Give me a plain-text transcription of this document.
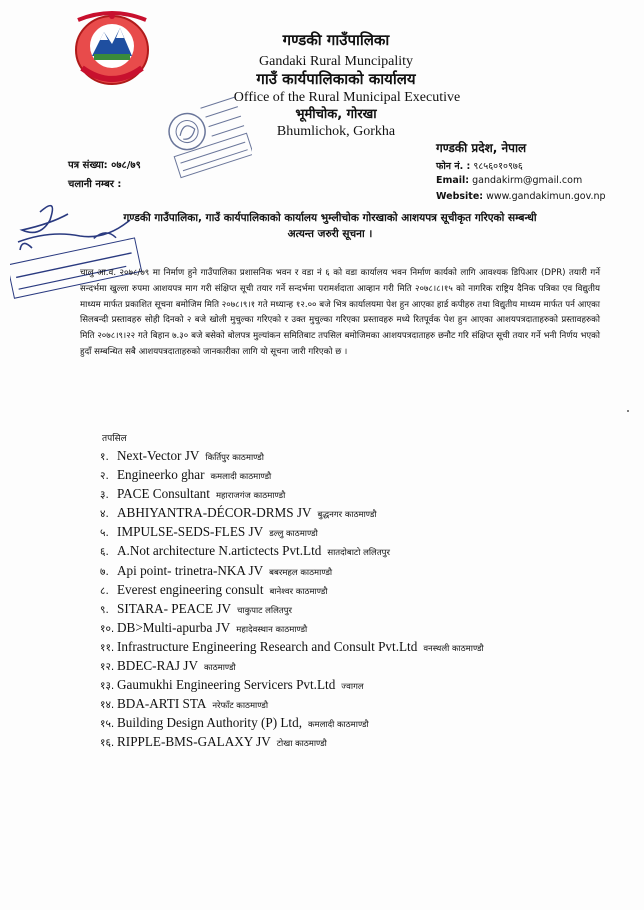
गण्डकी गाउँपालिका
Gandaki Rural Muncipality
गाउँ कार्यपालिकाको कार्यालय
Office of the Rural Municipal Executive
भूमीचोक, गोरखा
Bhumlichok, Gorkha
गण्डकी प्रदेश, नेपाल
फोन नं. : ९८५६०१०९७६
Email: gandakirm@gmail.com
Website: www.gandakimun.gov.np
पत्र संख्या: ०७८/७९
चलानी नम्बर :
गण्डकी गाउँपालिका, गाउँ कार्यपालिकाको कार्यालय भुम्लीचोक गोरखाको आशयपत्र सूचीकृत गरिएको सम्बन्धी
अत्यन्त जरुरी सूचना ।
चालु आ.व. २०७८/७९ मा निर्माण हुने गाउँपालिका प्रशासनिक भवन र वडा नं ६ को वडा कार्यालय भवन निर्माण कार्यको लागि आवश्यक डिपिआर (DPR) तयारी गर्ने सन्दर्भमा खुल्ला रुपमा आशयपत्र माग गरी संक्षिप्त सूची तयार गर्ने सन्दर्भमा परामर्शदाता आव्हान गरी मिति २०७८।८।१५ को नागरिक राष्ट्रिय दैनिक पत्रिका एव विद्युतीय माध्यम मार्फत प्रकाशित सूचना बमोजिम मिति २०७८।९।१ गते मध्यान्ह १२.०० बजे भित्र कार्यालयमा पेश हुन आएका हार्ड कपीहरु तथा विद्युतीय माध्यम मार्फत पर्न आएका सिलबन्दी प्रस्तावहरु सोही दिनको २ बजे खोली मुचुल्का गरिएको र उक्त मुचुल्का गरिएका प्रस्तावहरु मध्ये रितपूर्वक पेश हुन आएका आशयपत्रदाताहरुको प्रस्तावहरुको मिति २०७८।९।२२ गते बिहान ७.३० बजे बसेको बोलपत्र मुल्यांकन समितिबाट तपसिल बमोजिमका आशयपत्रदाताहरु छनौट गरि संक्षिप्त सूची तयार गर्ने भनी निर्णय भएको हुदाँ सम्बन्धित सबै आशयपत्रदाताहरुको जानकारीका लागि यो सूचना जारी गरिएको छ ।
तपसिल
१. Next-Vector JV किर्तिपुर काठमाण्डौ
२. Engineerko ghar कमलादी काठमाण्डौ
३. PACE Consultant महाराजगंज काठमाण्डौ
४. ABHIYANTRA-DÉCOR-DRMS JV बुद्धनगर काठमाण्डौ
५. IMPULSE-SEDS-FLES JV डल्लु काठमाण्डौ
६. A.Not architecture N.artictects Pvt.Ltd सातदोबाटो ललितपुर
७. Api point- trinetra-NKA JV बबरमहल काठमाण्डौ
८. Everest engineering consult बानेश्वर काठमाण्डौ
९. SITARA- PEACE JV चाकुपाट ललितपुर
१०. DB>Multi-apurba JV महादेवस्थान काठमाण्डौ
११. Infrastructure Engineering Research and Consult Pvt.Ltd वनस्थली काठमाण्डौ
१२. BDEC-RAJ JV काठमाण्डौ
१३. Gaumukhi Engineering Servicers Pvt.Ltd ज्वागल
१४. BDA-ARTI STA नरेफाँट काठमाण्डौ
१५. Building Design Authority (P) Ltd, कमलादी काठमाण्डौ
१६. RIPPLE-BMS-GALAXY JV टोखा काठमाण्डौ
